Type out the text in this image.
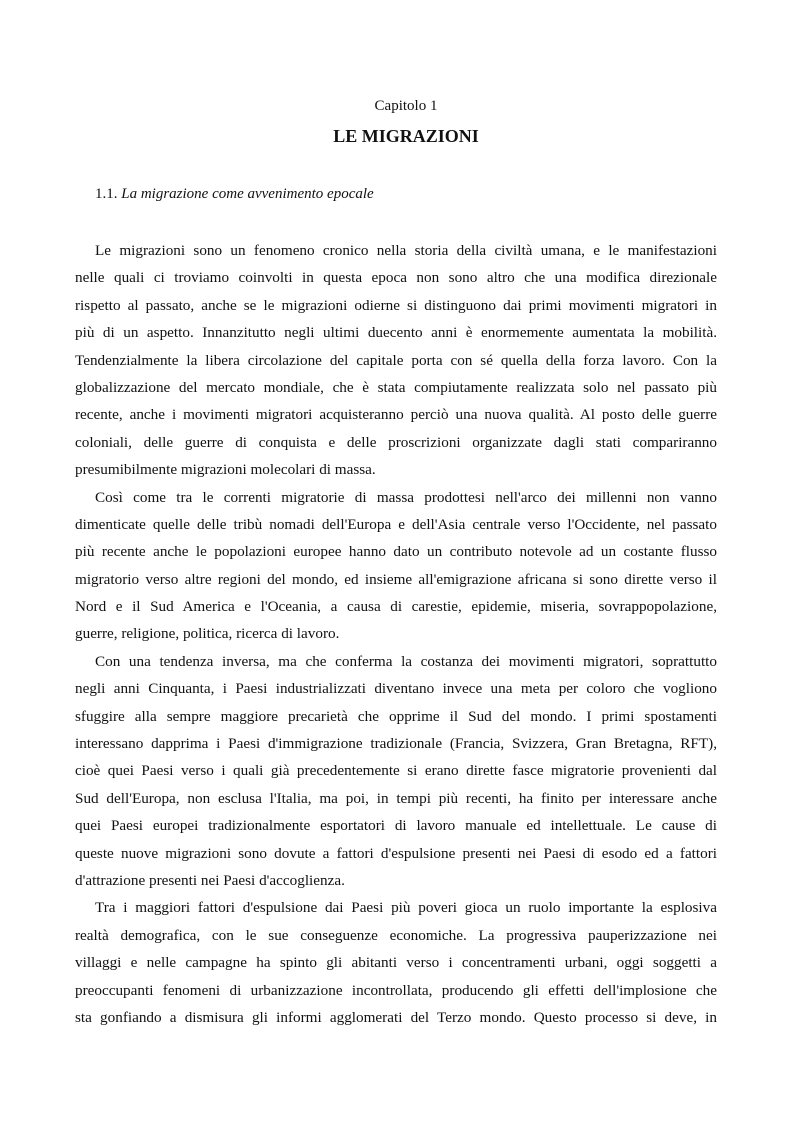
Capitolo 1
LE MIGRAZIONI
1.1. La migrazione come avvenimento epocale
Le migrazioni sono un fenomeno cronico nella storia della civiltà umana, e le manifestazioni
nelle quali ci troviamo coinvolti in questa epoca non sono altro che una modifica direzionale
rispetto al passato, anche se le migrazioni odierne si distinguono dai primi movimenti migratori in
più di un aspetto. Innanzitutto negli ultimi duecento anni è enormemente aumentata la mobilità.
Tendenzialmente la libera circolazione del capitale porta con sé quella della forza lavoro. Con la
globalizzazione del mercato mondiale, che è stata compiutamente realizzata solo nel passato più
recente, anche i movimenti migratori acquisteranno perciò una nuova qualità. Al posto delle guerre
coloniali, delle guerre di conquista e delle proscrizioni organizzate dagli stati compariranno
presumibilmente migrazioni molecolari di massa.
Così come tra le correnti migratorie di massa prodottesi nell'arco dei millenni non vanno
dimenticate quelle delle tribù nomadi dell'Europa e dell'Asia centrale verso l'Occidente, nel passato
più recente anche le popolazioni europee hanno dato un contributo notevole ad un costante flusso
migratorio verso altre regioni del mondo, ed insieme all'emigrazione africana si sono dirette verso il
Nord e il Sud America e l'Oceania, a causa di carestie, epidemie, miseria, sovrappopolazione,
guerre, religione, politica, ricerca di lavoro.
Con una tendenza inversa, ma che conferma la costanza dei movimenti migratori, soprattutto
negli anni Cinquanta, i Paesi industrializzati diventano invece una meta per coloro che vogliono
sfuggire alla sempre maggiore precarietà che opprime il Sud del mondo. I primi spostamenti
interessano dapprima i Paesi d'immigrazione tradizionale (Francia, Svizzera, Gran Bretagna, RFT),
cioè quei Paesi verso i quali già precedentemente si erano dirette fasce migratorie provenienti dal
Sud dell'Europa, non esclusa l'Italia, ma poi, in tempi più recenti, ha finito per interessare anche
quei Paesi europei tradizionalmente esportatori di lavoro manuale ed intellettuale. Le cause di
queste nuove migrazioni sono dovute a fattori d'espulsione presenti nei Paesi di esodo ed a fattori
d'attrazione presenti nei Paesi d'accoglienza.
Tra i maggiori fattori d'espulsione dai Paesi più poveri gioca un ruolo importante la esplosiva
realtà demografica, con le sue conseguenze economiche. La progressiva pauperizzazione nei
villaggi e nelle campagne ha spinto gli abitanti verso i concentramenti urbani, oggi soggetti a
preoccupanti fenomeni di urbanizzazione incontrollata, producendo gli effetti dell'implosione che
sta gonfiando a dismisura gli informi agglomerati del Terzo mondo. Questo processo si deve, in
